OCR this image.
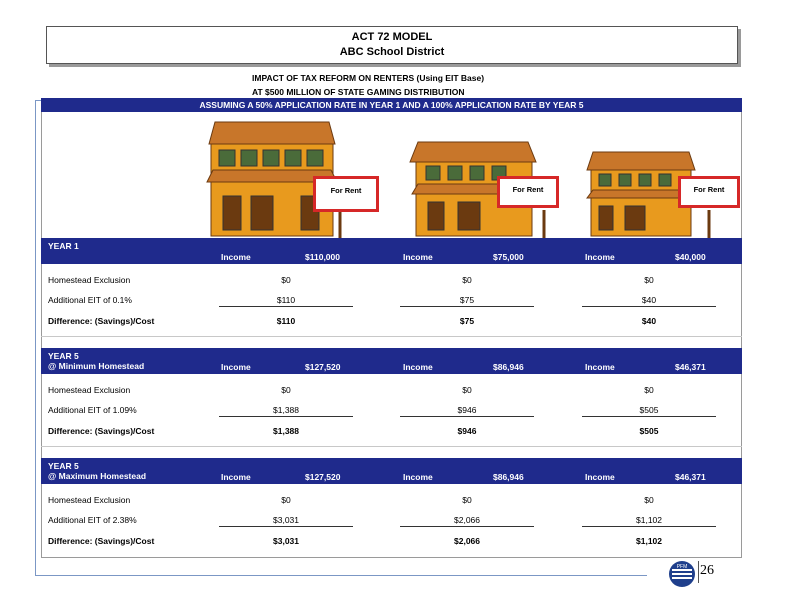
ACT 72 MODEL
ABC School District
IMPACT OF TAX REFORM ON RENTERS (Using EIT Base)
AT $500 MILLION OF STATE GAMING DISTRIBUTION
ASSUMING A 50% APPLICATION RATE IN YEAR 1 AND A 100% APPLICATION RATE BY YEAR 5
For Rent	For Rent	For Rent
YEAR 1
Income	$110,000	Income	$75,000	Income	$40,000
Homestead Exclusion	$0	$0	$0
Additional EIT of 0.1%	$110	$75	$40
Difference: (Savings)/Cost	$110	$75	$40
YEAR 5
@ Minimum Homestead	Income	$127,520	Income	$86,946	Income	$46,371
Homestead Exclusion	$0	$0	$0
Additional EIT of 1.09%	$1,388	$946	$505
Difference: (Savings)/Cost	$1,388	$946	$505
YEAR 5
@ Maximum Homestead	Income	$127,520	Income	$86,946	Income	$46,371
Homestead Exclusion	$0	$0	$0
Additional EIT of 2.38%	$3,031	$2,066	$1,102
Difference: (Savings)/Cost	$3,031	$2,066	$1,102
PFM 26
